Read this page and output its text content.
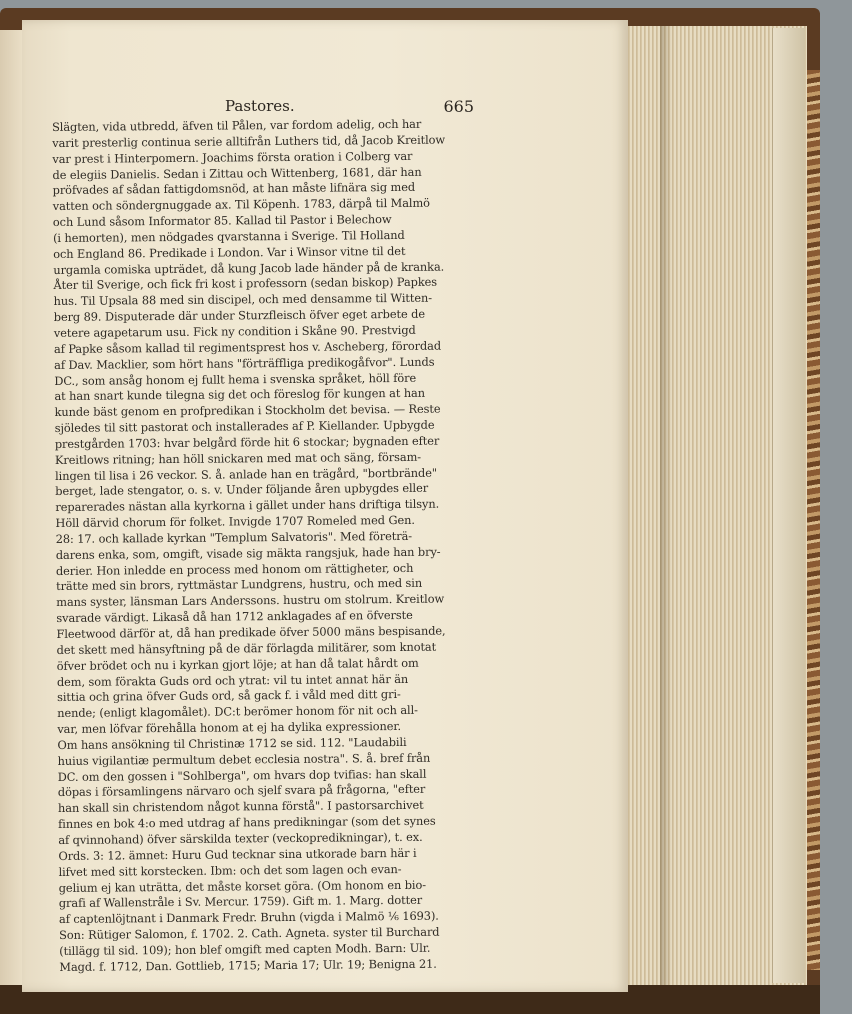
Pastores.	665
Slägten, vida utbredd, äfven til Pålen, var fordom adelig, och har
varit presterlig continua serie alltifrån Luthers tid, då Jacob Kreitlow
var prest i Hinterpomern. Joachims första oration i Colberg var
de elegiis Danielis. Sedan i Zittau och Wittenberg, 1681, där han
pröfvades af sådan fattigdomsnöd, at han måste lifnära sig med
vatten och söndergnuggade ax. Til Köpenh. 1783, därpå til Malmö
och Lund såsom Informator 85. Kallad til Pastor i Belechow
(i hemorten), men nödgades qvarstanna i Sverige. Til Holland
och England 86. Predikade i London. Var i Winsor vitne til det
urgamla comiska upträdet, då kung Jacob lade händer på de kranka.
Åter til Sverige, och fick fri kost i professorn (sedan biskop) Papkes
hus. Til Upsala 88 med sin discipel, och med densamme til Witten-
berg 89. Disputerade där under Sturzfleisch öfver eget arbete de
vetere agapetarum usu. Fick ny condition i Skåne 90. Prestvigd
af Papke såsom kallad til regimentsprest hos v. Ascheberg, förordad
af Dav. Macklier, som hört hans "förträffliga predikogåfvor". Lunds
DC., som ansåg honom ej fullt hema i svenska språket, höll före
at han snart kunde tilegna sig det och föreslog för kungen at han
kunde bäst genom en profpredikan i Stockholm det bevisa. — Reste
sjöledes til sitt pastorat och installerades af P. Kiellander. Upbygde
prestgården 1703: hvar belgård förde hit 6 stockar; bygnaden efter
Kreitlows ritning; han höll snickaren med mat och säng, försam-
lingen til lisa i 26 veckor. S. å. anlade han en trägård, "bortbrände"
berget, lade stengator, o. s. v. Under följande åren upbygdes eller
reparerades nästan alla kyrkorna i gället under hans driftiga tilsyn.
Höll därvid chorum för folket. Invigde 1707 Romeled med Gen.
28: 17. och kallade kyrkan "Templum Salvatoris". Med företrä-
darens enka, som, omgift, visade sig mäkta rangsjuk, hade han bry-
derier. Hon inledde en process med honom om rättigheter, och
trätte med sin brors, ryttmästar Lundgrens, hustru, och med sin
mans syster, länsman Lars Anderssons. hustru om stolrum. Kreitlow
svarade värdigt. Likaså då han 1712 anklagades af en öfverste
Fleetwood därför at, då han predikade öfver 5000 mäns bespisande,
det skett med hänsyftning på de där förlagda militärer, som knotat
öfver brödet och nu i kyrkan gjort löje; at han då talat hårdt om
dem, som förakta Guds ord och ytrat: vil tu intet annat här än
sittia och grina öfver Guds ord, så gack f. i våld med ditt gri-
nende; (enligt klagomålet). DC:t berömer honom för nit och all-
var, men löfvar förehålla honom at ej ha dylika expressioner.
Om hans ansökning til Christinæ 1712 se sid. 112. "Laudabili
huius vigilantiæ permultum debet ecclesia nostra". S. å. bref från
DC. om den gossen i "Sohlberga", om hvars dop tvifias: han skall
döpas i församlingens närvaro och sjelf svara på frågorna, "efter
han skall sin christendom något kunna förstå". I pastorsarchivet
finnes en bok 4:o med utdrag af hans predikningar (som det synes
af qvinnohand) öfver särskilda texter (veckopredikningar), t. ex.
Ords. 3: 12. ämnet: Huru Gud tecknar sina utkorade barn här i
lifvet med sitt korstecken. Ibm: och det som lagen och evan-
gelium ej kan uträtta, det måste korset göra. (Om honom en bio-
grafi af Wallenstråle i Sv. Mercur. 1759). Gift m. 1. Marg. dotter
af captenlöjtnant i Danmark Fredr. Bruhn (vigda i Malmö ⅙ 1693).
Son: Rütiger Salomon, f. 1702. 2. Cath. Agneta. syster til Burchard
(tillägg til sid. 109); hon blef omgift med capten Modh. Barn: Ulr.
Magd. f. 1712, Dan. Gottlieb, 1715; Maria 17; Ulr. 19; Benigna 21.
